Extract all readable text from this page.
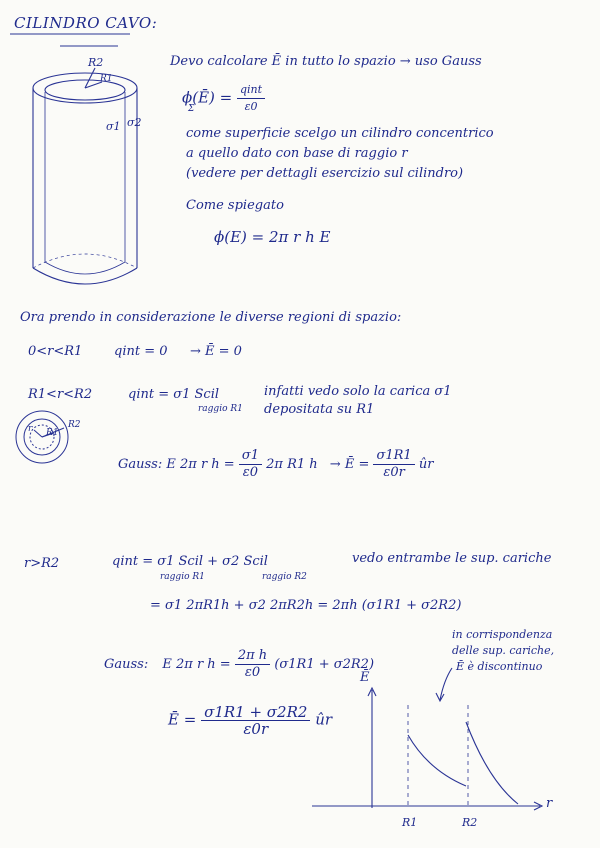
CILINDRO CAVO:
Devo calcolare Ē in tutto lo spazio → uso Gauss
ϕ(Ē) = $\frac{\text{qint}}{\varepsilon 0}$
Σ
come superficie scelgo un cilindro concentrico
a quello dato con base di raggio r
(vedere per dettagli esercizio sul cilindro)
Come spiegato
ϕ(E) = 2π r h E
R2
R1
σ1 σ2
Ora prendo in considerazione le diverse regioni di spazio:
0<r<R1 qint = 0 → Ē = 0
R1<r<R2	qint = σ1 Scil
raggio R1
infatti vedo solo la carica σ1
depositata su R1
r R1
R2
Gauss: E 2π r $h = \frac{\sigma 1}{\varepsilon 0} 2\pi$ R1 h → Ē = $\frac{\sigma 1R1}{\varepsilon 0r}$ ûr
r>R2	qint = σ1 Scil + σ2 Scil
raggio R1	raggio R2
vedo entrambe le sup. cariche
= σ1 2πR1h + σ2 2πR2h = 2πh (σ1R1 + σ2R2)
Gauss: E 2π r $h = \frac{\text{2π h}}{\varepsilon 0} (\sigma 1R1 + \sigma 2R2)$
Ē = $\frac{\sigma 1R1 + \sigma 2R2}{\varepsilon 0r}$ ûr
in corrispondenza
delle sup. cariche,
Ē è discontinuo
Ē
r
R1	R2
